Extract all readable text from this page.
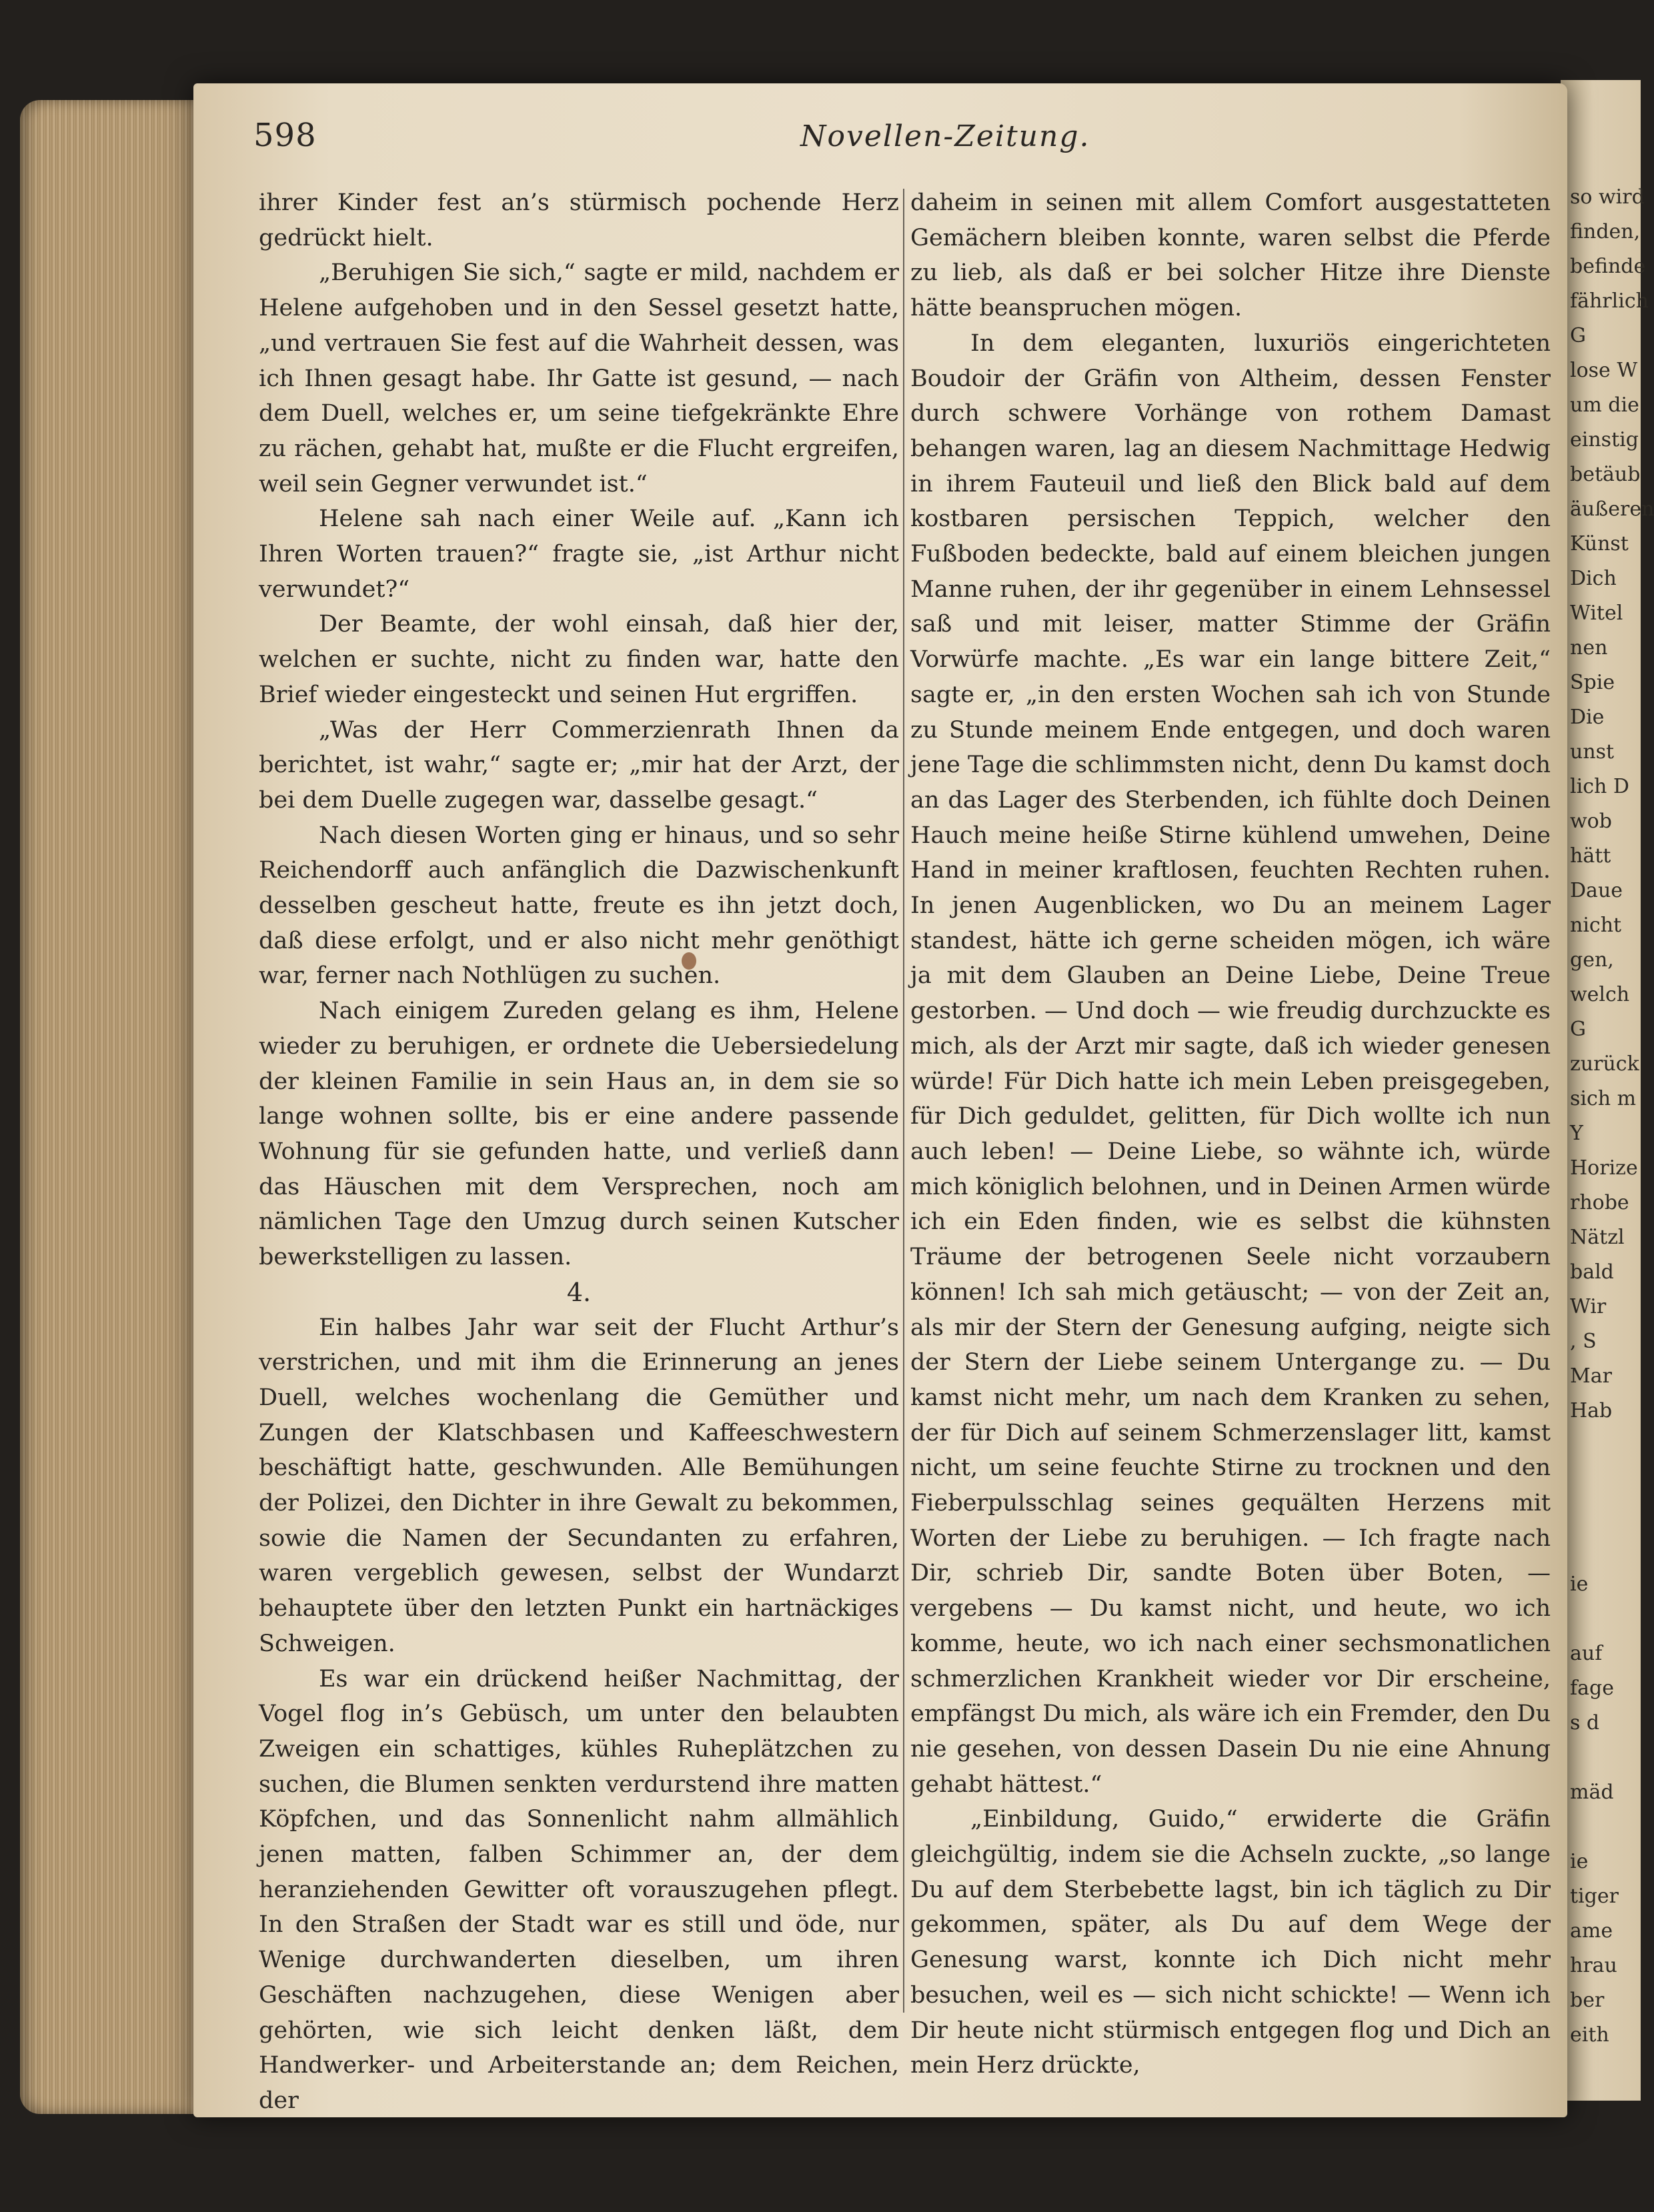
so wird
finden,
befinde
fährlich
G
lose W
um die
einstig
betäub
äußeren
Künst
Dich
Witel
nen
Spie
Die
unst
lich D
wob
hätt
Daue
nicht
gen,
welch
G
zurück
sich m
Y
Horize
rhobe
Nätzl
bald
Wir
, S
Mar
Hab

ie

auf
fage
s d

mäd

ie
tiger
ame
hrau
ber
eith
598	Novellen-Zeitung.

ihrer Kinder fest an’s stürmisch pochende Herz gedrückt hielt.

„Beruhigen Sie sich,“ sagte er mild, nachdem er Helene aufgehoben und in den Sessel gesetzt hatte, „und vertrauen Sie fest auf die Wahrheit dessen, was ich Ihnen gesagt habe. Ihr Gatte ist gesund, — nach dem Duell, welches er, um seine tiefgekränkte Ehre zu rächen, gehabt hat, mußte er die Flucht ergreifen, weil sein Gegner verwundet ist.“

Helene sah nach einer Weile auf. „Kann ich Ihren Worten trauen?“ fragte sie, „ist Arthur nicht verwundet?“

Der Beamte, der wohl einsah, daß hier der, welchen er suchte, nicht zu finden war, hatte den Brief wieder eingesteckt und seinen Hut ergriffen.

„Was der Herr Commerzienrath Ihnen da berichtet, ist wahr,“ sagte er; „mir hat der Arzt, der bei dem Duelle zugegen war, dasselbe gesagt.“

Nach diesen Worten ging er hinaus, und so sehr Reichendorff auch anfänglich die Dazwischenkunft desselben gescheut hatte, freute es ihn jetzt doch, daß diese erfolgt, und er also nicht mehr genöthigt war, ferner nach Nothlügen zu suchen.

Nach einigem Zureden gelang es ihm, Helene wieder zu beruhigen, er ordnete die Uebersiedelung der kleinen Familie in sein Haus an, in dem sie so lange wohnen sollte, bis er eine andere passende Wohnung für sie gefunden hatte, und verließ dann das Häuschen mit dem Versprechen, noch am nämlichen Tage den Umzug durch seinen Kutscher bewerkstelligen zu lassen.

4.

Ein halbes Jahr war seit der Flucht Arthur’s verstrichen, und mit ihm die Erinnerung an jenes Duell, welches wochenlang die Gemüther und Zungen der Klatschbasen und Kaffeeschwestern beschäftigt hatte, geschwunden. Alle Bemühungen der Polizei, den Dichter in ihre Gewalt zu bekommen, sowie die Namen der Secundanten zu erfahren, waren vergeblich gewesen, selbst der Wundarzt behauptete über den letzten Punkt ein hartnäckiges Schweigen.

Es war ein drückend heißer Nachmittag, der Vogel flog in’s Gebüsch, um unter den belaubten Zweigen ein schattiges, kühles Ruheplätzchen zu suchen, die Blumen senkten verdurstend ihre matten Köpfchen, und das Sonnenlicht nahm allmählich jenen matten, falben Schimmer an, der dem heranziehenden Gewitter oft vorauszugehen pflegt. In den Straßen der Stadt war es still und öde, nur Wenige durchwanderten dieselben, um ihren Geschäften nachzugehen, diese Wenigen aber gehörten, wie sich leicht denken läßt, dem Handwerker- und Arbeiterstande an; dem Reichen, der

daheim in seinen mit allem Comfort ausgestatteten Gemächern bleiben konnte, waren selbst die Pferde zu lieb, als daß er bei solcher Hitze ihre Dienste hätte beanspruchen mögen.

In dem eleganten, luxuriös eingerichteten Boudoir der Gräfin von Altheim, dessen Fenster durch schwere Vorhänge von rothem Damast behangen waren, lag an diesem Nachmittage Hedwig in ihrem Fauteuil und ließ den Blick bald auf dem kostbaren persischen Teppich, welcher den Fußboden bedeckte, bald auf einem bleichen jungen Manne ruhen, der ihr gegenüber in einem Lehnsessel saß und mit leiser, matter Stimme der Gräfin Vorwürfe machte. „Es war ein lange bittere Zeit,“ sagte er, „in den ersten Wochen sah ich von Stunde zu Stunde meinem Ende entgegen, und doch waren jene Tage die schlimmsten nicht, denn Du kamst doch an das Lager des Sterbenden, ich fühlte doch Deinen Hauch meine heiße Stirne kühlend umwehen, Deine Hand in meiner kraftlosen, feuchten Rechten ruhen. In jenen Augenblicken, wo Du an meinem Lager standest, hätte ich gerne scheiden mögen, ich wäre ja mit dem Glauben an Deine Liebe, Deine Treue gestorben. — Und doch — wie freudig durchzuckte es mich, als der Arzt mir sagte, daß ich wieder genesen würde! Für Dich hatte ich mein Leben preisgegeben, für Dich geduldet, gelitten, für Dich wollte ich nun auch leben! — Deine Liebe, so wähnte ich, würde mich königlich belohnen, und in Deinen Armen würde ich ein Eden finden, wie es selbst die kühnsten Träume der betrogenen Seele nicht vorzaubern können! Ich sah mich getäuscht; — von der Zeit an, als mir der Stern der Genesung aufging, neigte sich der Stern der Liebe seinem Untergange zu. — Du kamst nicht mehr, um nach dem Kranken zu sehen, der für Dich auf seinem Schmerzenslager litt, kamst nicht, um seine feuchte Stirne zu trocknen und den Fieberpulsschlag seines gequälten Herzens mit Worten der Liebe zu beruhigen. — Ich fragte nach Dir, schrieb Dir, sandte Boten über Boten, — vergebens — Du kamst nicht, und heute, wo ich komme, heute, wo ich nach einer sechsmonatlichen schmerzlichen Krankheit wieder vor Dir erscheine, empfängst Du mich, als wäre ich ein Fremder, den Du nie gesehen, von dessen Dasein Du nie eine Ahnung gehabt hättest.“

„Einbildung, Guido,“ erwiderte die Gräfin gleichgültig, indem sie die Achseln zuckte, „so lange Du auf dem Sterbebette lagst, bin ich täglich zu Dir gekommen, später, als Du auf dem Wege der Genesung warst, konnte ich Dich nicht mehr besuchen, weil es — sich nicht schickte! — Wenn ich Dir heute nicht stürmisch entgegen flog und Dich an mein Herz drückte,
